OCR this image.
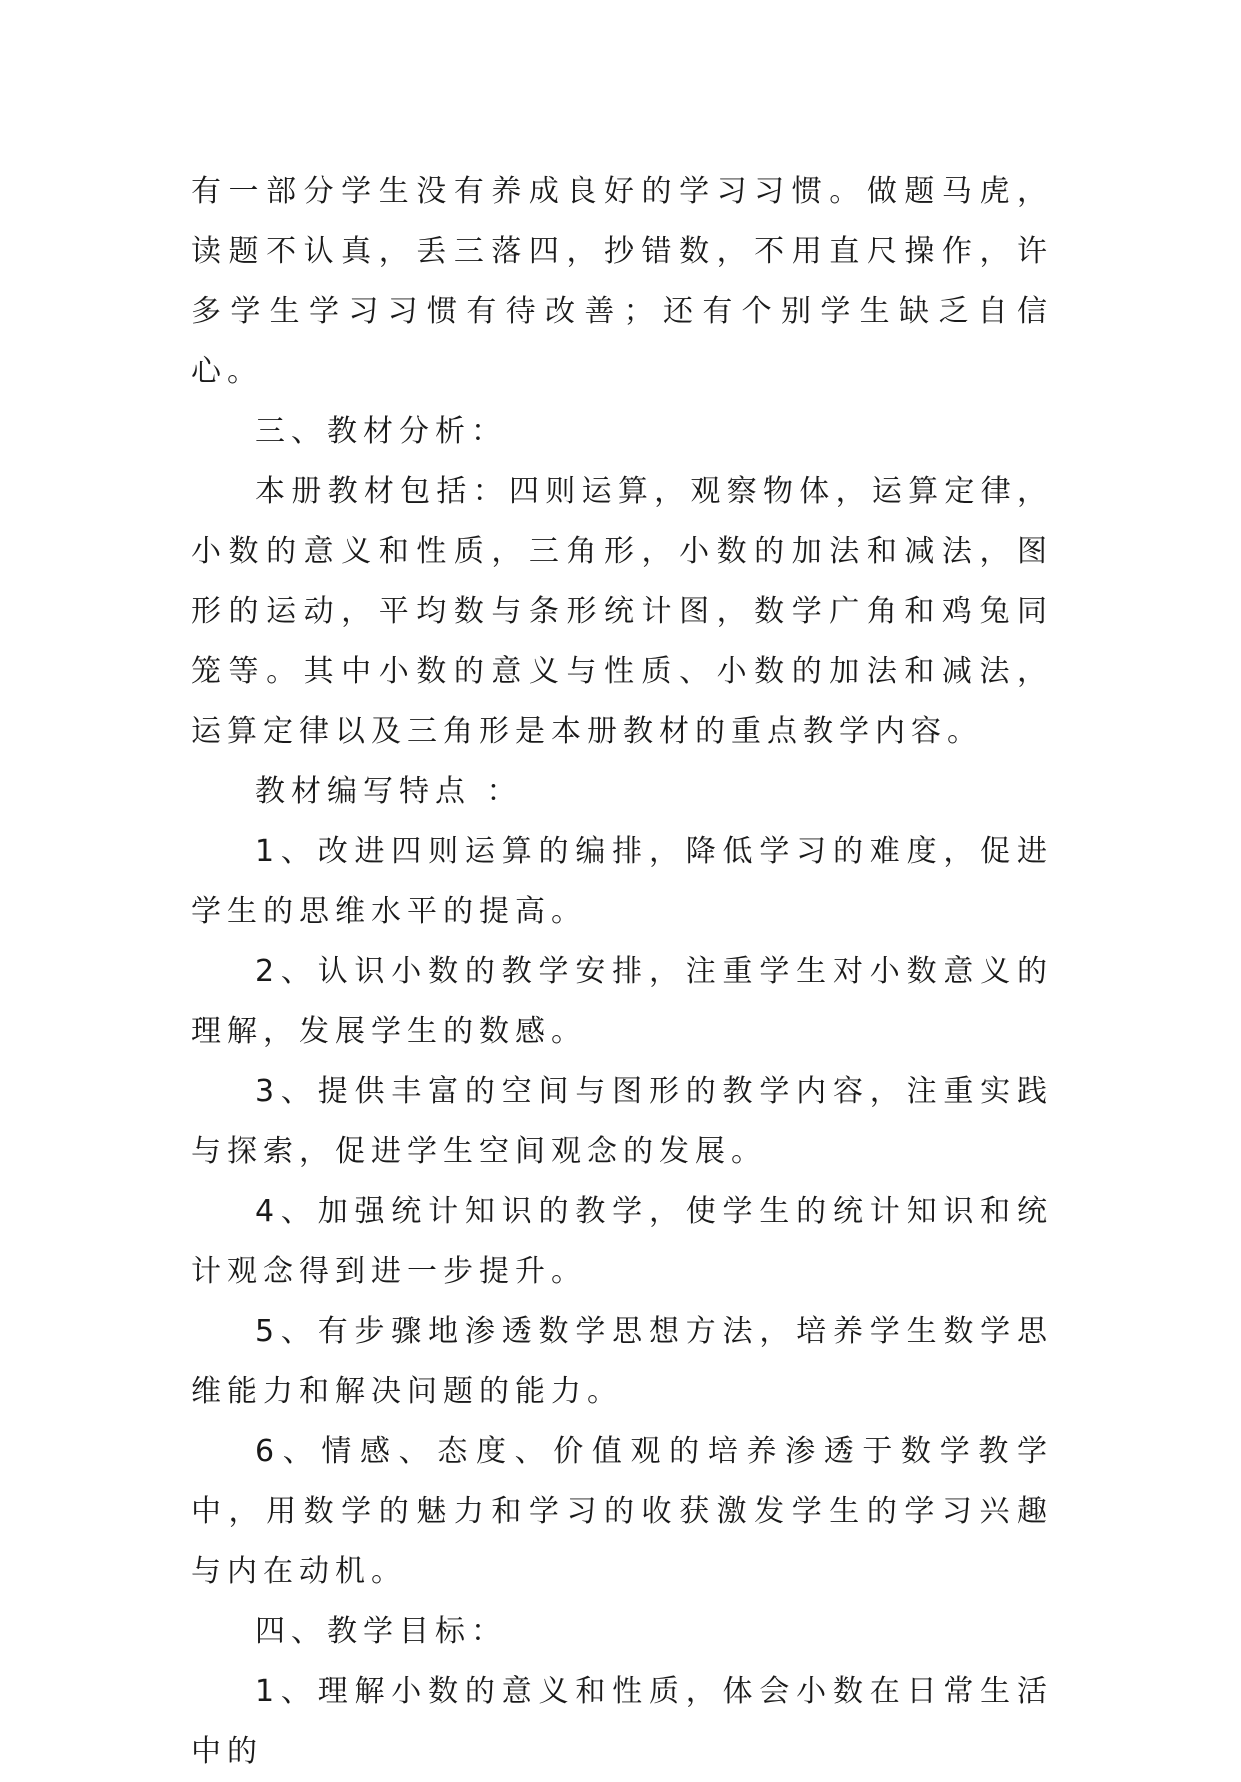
有一部分学生没有养成良好的学习习惯。做题马虎，读题不认真，丢三落四，抄错数，不用直尺操作，许多学生学习习惯有待改善；还有个别学生缺乏自信心。

三、教材分析：

本册教材包括：四则运算，观察物体，运算定律，小数的意义和性质，三角形，小数的加法和减法，图形的运动，平均数与条形统计图，数学广角和鸡兔同笼等。其中小数的意义与性质、小数的加法和减法，运算定律以及三角形是本册教材的重点教学内容。

教材编写特点 ：

1、改进四则运算的编排，降低学习的难度，促进学生的思维水平的提高。

2、认识小数的教学安排，注重学生对小数意义的理解，发展学生的数感。

3、提供丰富的空间与图形的教学内容，注重实践与探索，促进学生空间观念的发展。

4、加强统计知识的教学，使学生的统计知识和统计观念得到进一步提升。

5、有步骤地渗透数学思想方法，培养学生数学思维能力和解决问题的能力。

6、情感、态度、价值观的培养渗透于数学教学中，用数学的魅力和学习的收获激发学生的学习兴趣与内在动机。

四、教学目标：

1、理解小数的意义和性质，体会小数在日常生活中的
